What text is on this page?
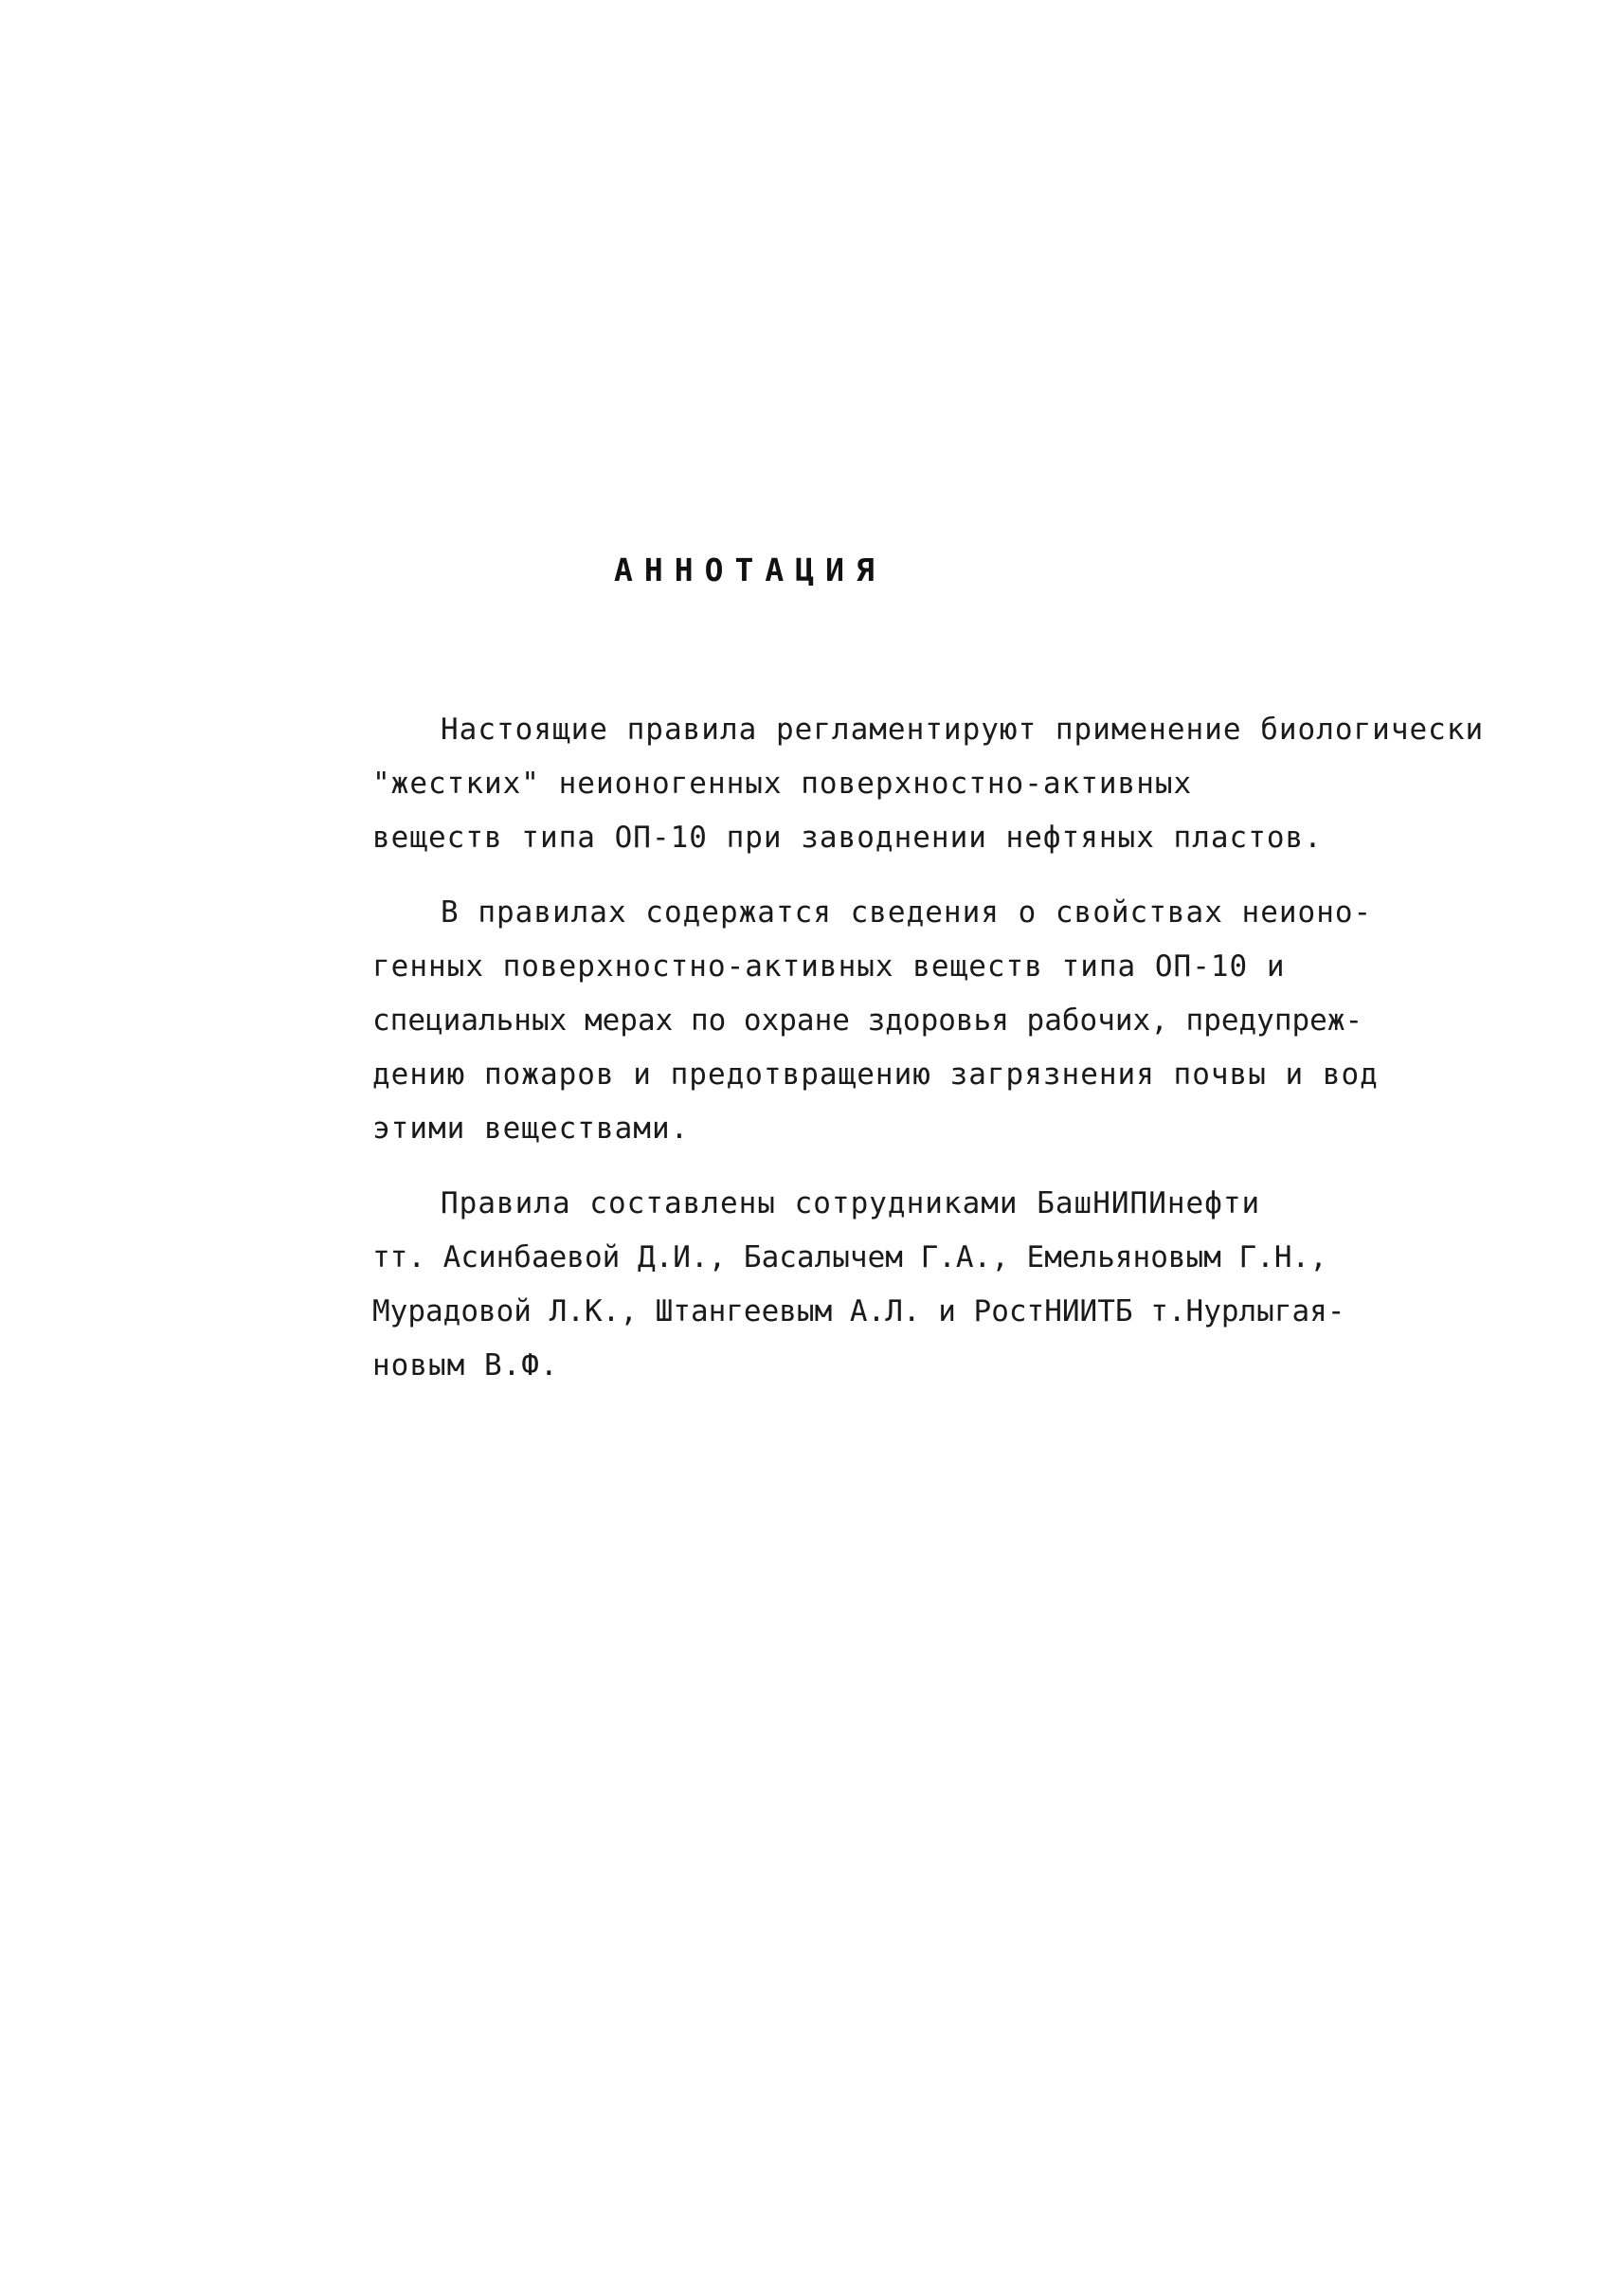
АННОТАЦИЯ
Настоящие правила регламентируют применение биологически
"жестких" неионогенных поверхностно-активных
веществ типа ОП-10 при заводнении нефтяных пластов.
В правилах содержатся сведения о свойствах неионо-
генных поверхностно-активных веществ типа ОП-10 и
специальных мерах по охране здоровья рабочих, предупреж-
дению пожаров и предотвращению загрязнения почвы и вод
этими веществами.
Правила составлены сотрудниками БашНИПИнефти
тт. Асинбаевой Д.И., Басалычем Г.А., Емельяновым Г.Н.,
Мурадовой Л.К., Штангеевым А.Л. и РостНИИТБ т.Нурлыгая-
новым В.Ф.
